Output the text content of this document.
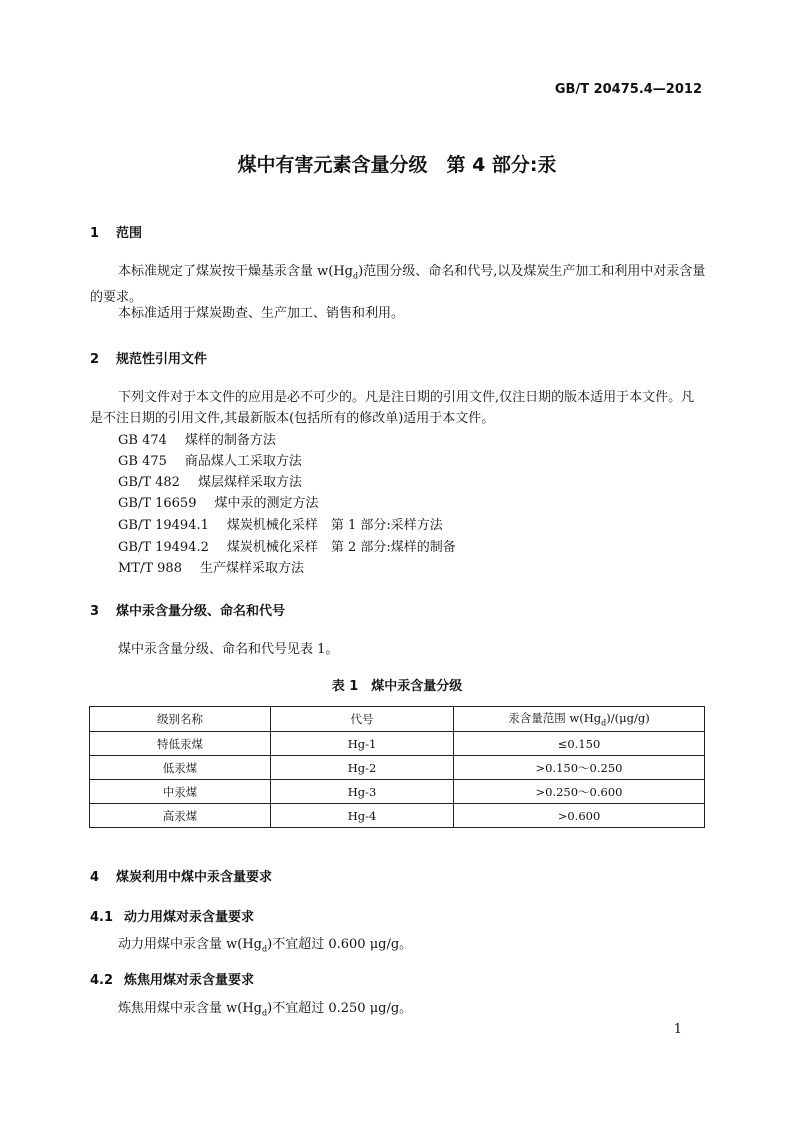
GB/T 20475.4—2012
煤中有害元素含量分级　第 4 部分:汞
1 范围
本标准规定了煤炭按干燥基汞含量 $w(Hg_d)$范围分级、命名和代号,以及煤炭生产加工和利用中对汞含量的要求。
本标准适用于煤炭勘查、生产加工、销售和利用。
2 规范性引用文件
下列文件对于本文件的应用是必不可少的。凡是注日期的引用文件,仅注日期的版本适用于本文件。凡是不注日期的引用文件,其最新版本(包括所有的修改单)适用于本文件。
GB 474 煤样的制备方法
GB 475 商品煤人工采取方法
GB/T 482 煤层煤样采取方法
GB/T 16659 煤中汞的测定方法
GB/T 19494.1 煤炭机械化采样　第 1 部分:采样方法
GB/T 19494.2 煤炭机械化采样　第 2 部分:煤样的制备
MT/T 988 生产煤样采取方法
3 煤中汞含量分级、命名和代号
煤中汞含量分级、命名和代号见表 1。
表 1　煤中汞含量分级
级别名称	代号	汞含量范围 $w(Hg_d)/(\mu g/g)$
特低汞煤	Hg-1	≤0.150
低汞煤	Hg-2	>0.150～0.250
中汞煤	Hg-3	>0.250～0.600
高汞煤	Hg-4	>0.600
4 煤炭利用中煤中汞含量要求
4.1 动力用煤对汞含量要求
动力用煤中汞含量 $w(Hg_d)$不宜超过 0.600 μg/g。
4.2 炼焦用煤对汞含量要求
炼焦用煤中汞含量 $w(Hg_d)$不宜超过 0.250 μg/g。
1
